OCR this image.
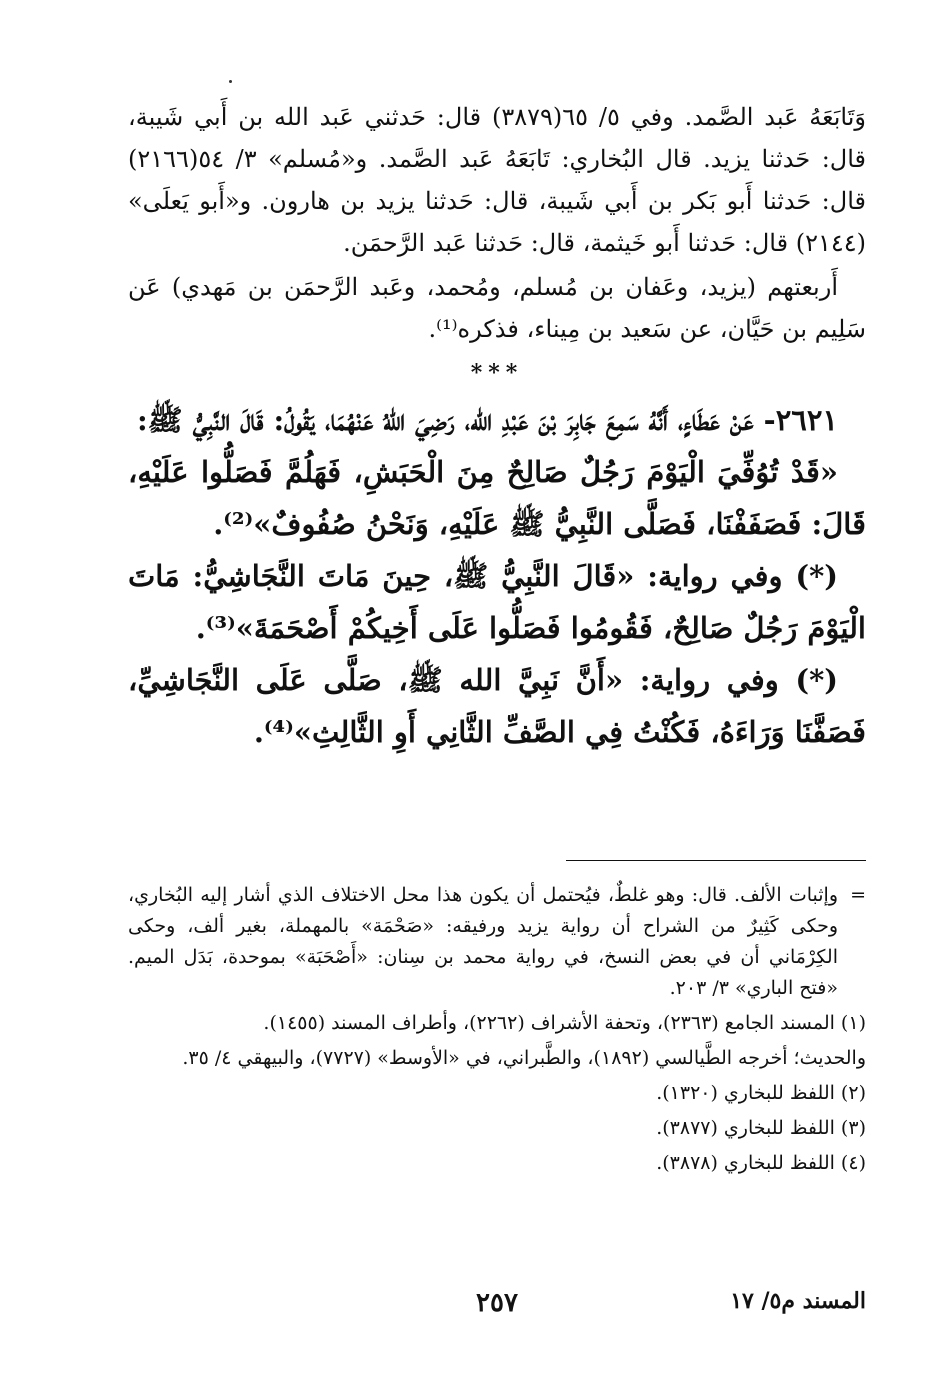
وَتَابَعَهُ عَبد الصَّمد. وفي ٥/ ٦٥(٣٨٧٩) قال: حَدثني عَبد الله بن أَبي شَيبة، قال: حَدثنا يزيد. قال البُخاري: تَابَعَهُ عَبد الصَّمد. و«مُسلم» ٣/ ٥٤(٢١٦٦) قال: حَدثنا أَبو بَكر بن أَبي شَيبة، قال: حَدثنا يزيد بن هارون. و«أَبو يَعلَى» (٢١٤٤) قال: حَدثنا أَبو خَيثمة، قال: حَدثنا عَبد الرَّحمَن.

أَربعتهم (يزيد، وعَفان بن مُسلم، ومُحمد، وعَبد الرَّحمَن بن مَهدي) عَن سَلِيم بن حَيَّان، عن سَعيد بن مِيناء، فذكره⁽¹⁾.

***

٢٦٢١- عَنْ عَطَاءٍ، أَنَّهُ سَمِعَ جَابِرَ بْنَ عَبْدِ الله، رَضِيَ اللهُ عَنْهُمَا، يَقُولُ: قَالَ النَّبِيُّ ﷺ:

«قَدْ تُوُفِّيَ الْيَوْمَ رَجُلٌ صَالِحٌ مِنَ الْحَبَشِ، فَهَلُمَّ فَصَلُّوا عَلَيْهِ، قَالَ: فَصَفَفْنَا، فَصَلَّى النَّبِيُّ ﷺ عَلَيْهِ، وَنَحْنُ صُفُوفٌ»⁽²⁾.

(*) وفي رواية: «قَالَ النَّبِيُّ ﷺ، حِينَ مَاتَ النَّجَاشِيُّ: مَاتَ الْيَوْمَ رَجُلٌ صَالِحٌ، فَقُومُوا فَصَلُّوا عَلَى أَخِيكُمْ أَصْحَمَةَ»⁽³⁾.

(*) وفي رواية: «أَنَّ نَبِيَّ الله ﷺ، صَلَّى عَلَى النَّجَاشِيِّ، فَصَفَّنَا وَرَاءَهُ، فَكُنْتُ فِي الصَّفِّ الثَّانِي أَوِ الثَّالِثِ»⁽⁴⁾.

=
وإثبات الألف. قال: وهو غلطٌ، فيُحتمل أن يكون هذا محل الاختلاف الذي أشار إليه البُخاري، وحكى كَثِيرٌ من الشراح أن رواية يزيد ورفيقه: «صَحْمَة» بالمهملة، بغير ألف، وحكى الكِرْمَاني أن في بعض النسخ، في رواية محمد بن سِنان: «أَصْحَبَة» بموحدة، بَدَل الميم. «فتح الباري» ٣/ ٢٠٣.

(١) المسند الجامع (٢٣٦٣)، وتحفة الأشراف (٢٢٦٢)، وأطراف المسند (١٤٥٥).

والحديث؛ أخرجه الطَّيالسي (١٨٩٢)، والطَّبراني، في «الأوسط» (٧٧٢٧)، والبيهقي ٤/ ٣٥.

(٢) اللفظ للبخاري (١٣٢٠).

(٣) اللفظ للبخاري (٣٨٧٧).

(٤) اللفظ للبخاري (٣٨٧٨).

المسند م٥/ ١٧
٢٥٧
